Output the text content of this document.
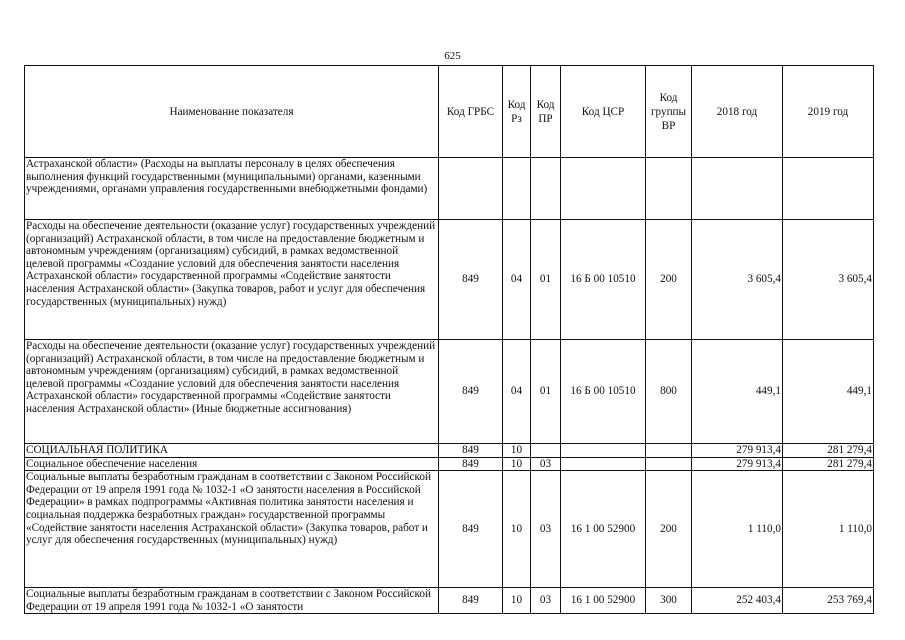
625
Наименование показателя	Код ГРБС	Код Рз	Код ПР	Код ЦСР	Код группы ВР	2018 год	2019 год
Астраханской области» (Расходы на выплаты персоналу в целях обеспечения выполнения функций государственными (муниципальными) органами, казенными учреждениями, органами управления государственными внебюджетными фондами)							
Расходы на обеспечение деятельности (оказание услуг) государственных учреждений (организаций) Астраханской области, в том числе на предоставление бюджетным и автономным учреждениям (организациям) субсидий, в рамках ведомственной целевой программы «Создание условий для обеспечения занятости населения Астраханской области» государственной программы «Содействие занятости населения Астраханской области» (Закупка товаров, работ и услуг для обеспечения государственных (муниципальных) нужд)	849	04	01	16 Б 00 10510	200	3 605,4	3 605,4
Расходы на обеспечение деятельности (оказание услуг) государственных учреждений (организаций) Астраханской области, в том числе на предоставление бюджетным и автономным учреждениям (организациям) субсидий, в рамках ведомственной целевой программы «Создание условий для обеспечения занятости населения Астраханской области» государственной программы «Содействие занятости населения Астраханской области» (Иные бюджетные ассигнования)	849	04	01	16 Б 00 10510	800	449,1	449,1
СОЦИАЛЬНАЯ ПОЛИТИКА	849	10				279 913,4	281 279,4
Социальное обеспечение населения	849	10	03			279 913,4	281 279,4
Социальные выплаты безработным гражданам в соответствии с Законом Российской Федерации от 19 апреля 1991 года № 1032-1 «О занятости населения в Российской Федерации» в рамках подпрограммы «Активная политика занятости населения и социальная поддержка безработных граждан» государственной программы «Содействие занятости населения Астраханской области» (Закупка товаров, работ и услуг для обеспечения государственных (муниципальных) нужд)	849	10	03	16 1 00 52900	200	1 110,0	1 110,0
Социальные выплаты безработным гражданам в соответствии с Законом Российской Федерации от 19 апреля 1991 года № 1032-1 «О занятости	849	10	03	16 1 00 52900	300	252 403,4	253 769,4
